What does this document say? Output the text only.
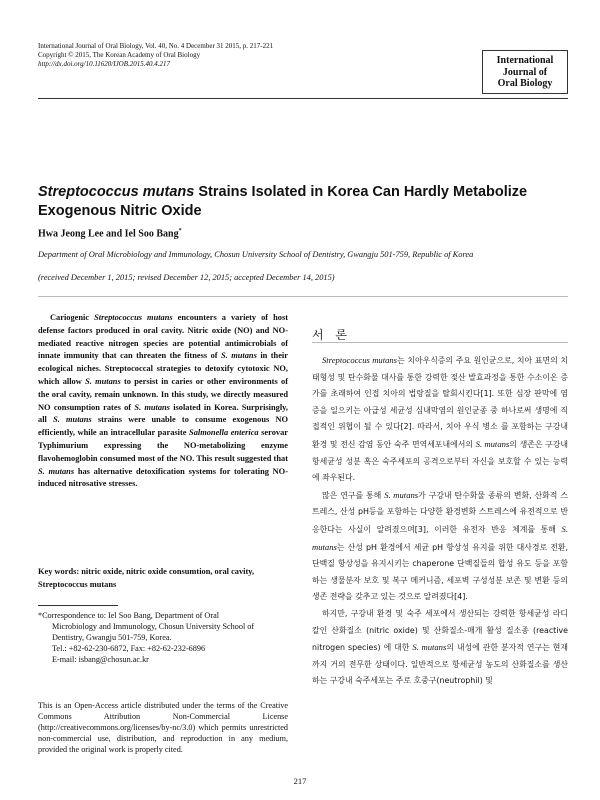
International Journal of Oral Biology, Vol. 40, No. 4 December 31 2015, p. 217-221
Copyright © 2015, The Korean Academy of Oral Biology
http://dx.doi.org/10.11620/IJOB.2015.40.4.217	International
Journal of
Oral Biology
Streptococcus mutans Strains Isolated in Korea Can Hardly Metabolize Exogenous Nitric Oxide
Hwa Jeong Lee and Iel Soo Bang*
Department of Oral Microbiology and Immunology, Chosun University School of Dentistry, Gwangju 501-759, Republic of Korea
(received December 1, 2015; revised December 12, 2015; accepted December 14, 2015)
Cariogenic Streptococcus mutans encounters a variety of host defense factors produced in oral cavity. Nitric oxide (NO) and NO-mediated reactive nitrogen species are potential antimicrobials of innate immunity that can threaten the fitness of S. mutans in their ecological niches. Streptococcal strategies to detoxify cytotoxic NO, which allow S. mutans to persist in caries or other environments of the oral cavity, remain unknown. In this study, we directly measured NO consumption rates of S. mutans isolated in Korea. Surprisingly, all S. mutans strains were unable to consume exogenous NO efficiently, while an intracellular parasite Salmonella enterica serovar Typhimurium expressing the NO-metabolizing enzyme flavohemoglobin consumed most of the NO. This result suggested that S. mutans has alternative detoxification systems for tolerating NO-induced nitrosative stresses.
Key words: nitric oxide, nitric oxide consumtion, oral cavity, Streptococcus mutans

*Correspondence to: Iel Soo Bang, Department of Oral

Microbiology and Immunology, Chosun University School of Dentistry, Gwangju 501-759, Korea.

Tel.: +82-62-230-6872, Fax: +82-62-232-6896

E-mail: isbang@chosun.ac.kr

This is an Open-Access article distributed under the terms of the Creative Commons Attribution Non-Commercial License (http://creativecommons.org/licenses/by-nc/3.0) which permits unrestricted non-commercial use, distribution, and reproduction in any medium, provided the original work is properly cited.
서 론

Streptococcus mutans는 치아우식증의 주요 원인균으로, 치아 표면의 치태형성 및 탄수화물 대사를 통한 강력한 젖산 발효과정을 통한 수소이온 증가를 초래하여 인접 치아의 법랑질을 탈회시킨다[1]. 또한 심장 판막에 염증을 일으키는 아급성 세균성 심내막염의 원인균종 중 하나로써 생명에 직접적인 위협이 될 수 있다[2]. 따라서, 치아 우식 병소 를 포함하는 구강내 환경 및 전신 감염 동안 숙주 면역세포내에서의 S. mutans의 생존은 구강내 항세균성 성분 혹은 숙주세포의 공격으로부터 자신을 보호할 수 있는 능력에 좌우된다.

많은 연구를 통해 S. mutans가 구강내 탄수화물 종류의 변화, 산화적 스트레스, 산성 pH등을 포함하는 다양한 환경변화 스트레스에 유전적으로 반응한다는 사실이 알려졌으며[3], 이러한 유전자 반응 체계를 통해 S. mutans는 산성 pH 환경에서 세균 pH 항상성 유지를 위한 대사경로 전환, 단백질 항상성을 유지시키는 chaperone 단백질들의 합성 유도 등을 포함하는 생물분자 보호 및 복구 메커니즘, 세포벽 구성성분 보존 및 변환 등의 생존 전략을 갖추고 있는 것으로 알려졌다[4].

하지만, 구강내 환경 및 숙주 세포에서 생산되는 강력한 항세균성 라디칼인 산화질소 (nitric oxide) 및 산화질소-매개 활성 질소종 (reactive nitrogen species) 에 대한 S. mutans의 내성에 관한 분자적 연구는 현재까지 거의 전무한 상태이다. 일반적으로 항세균성 농도의 산화질소를 생산하는 구강내 숙주세포는 주로 호중구(neutrophil) 및

217
